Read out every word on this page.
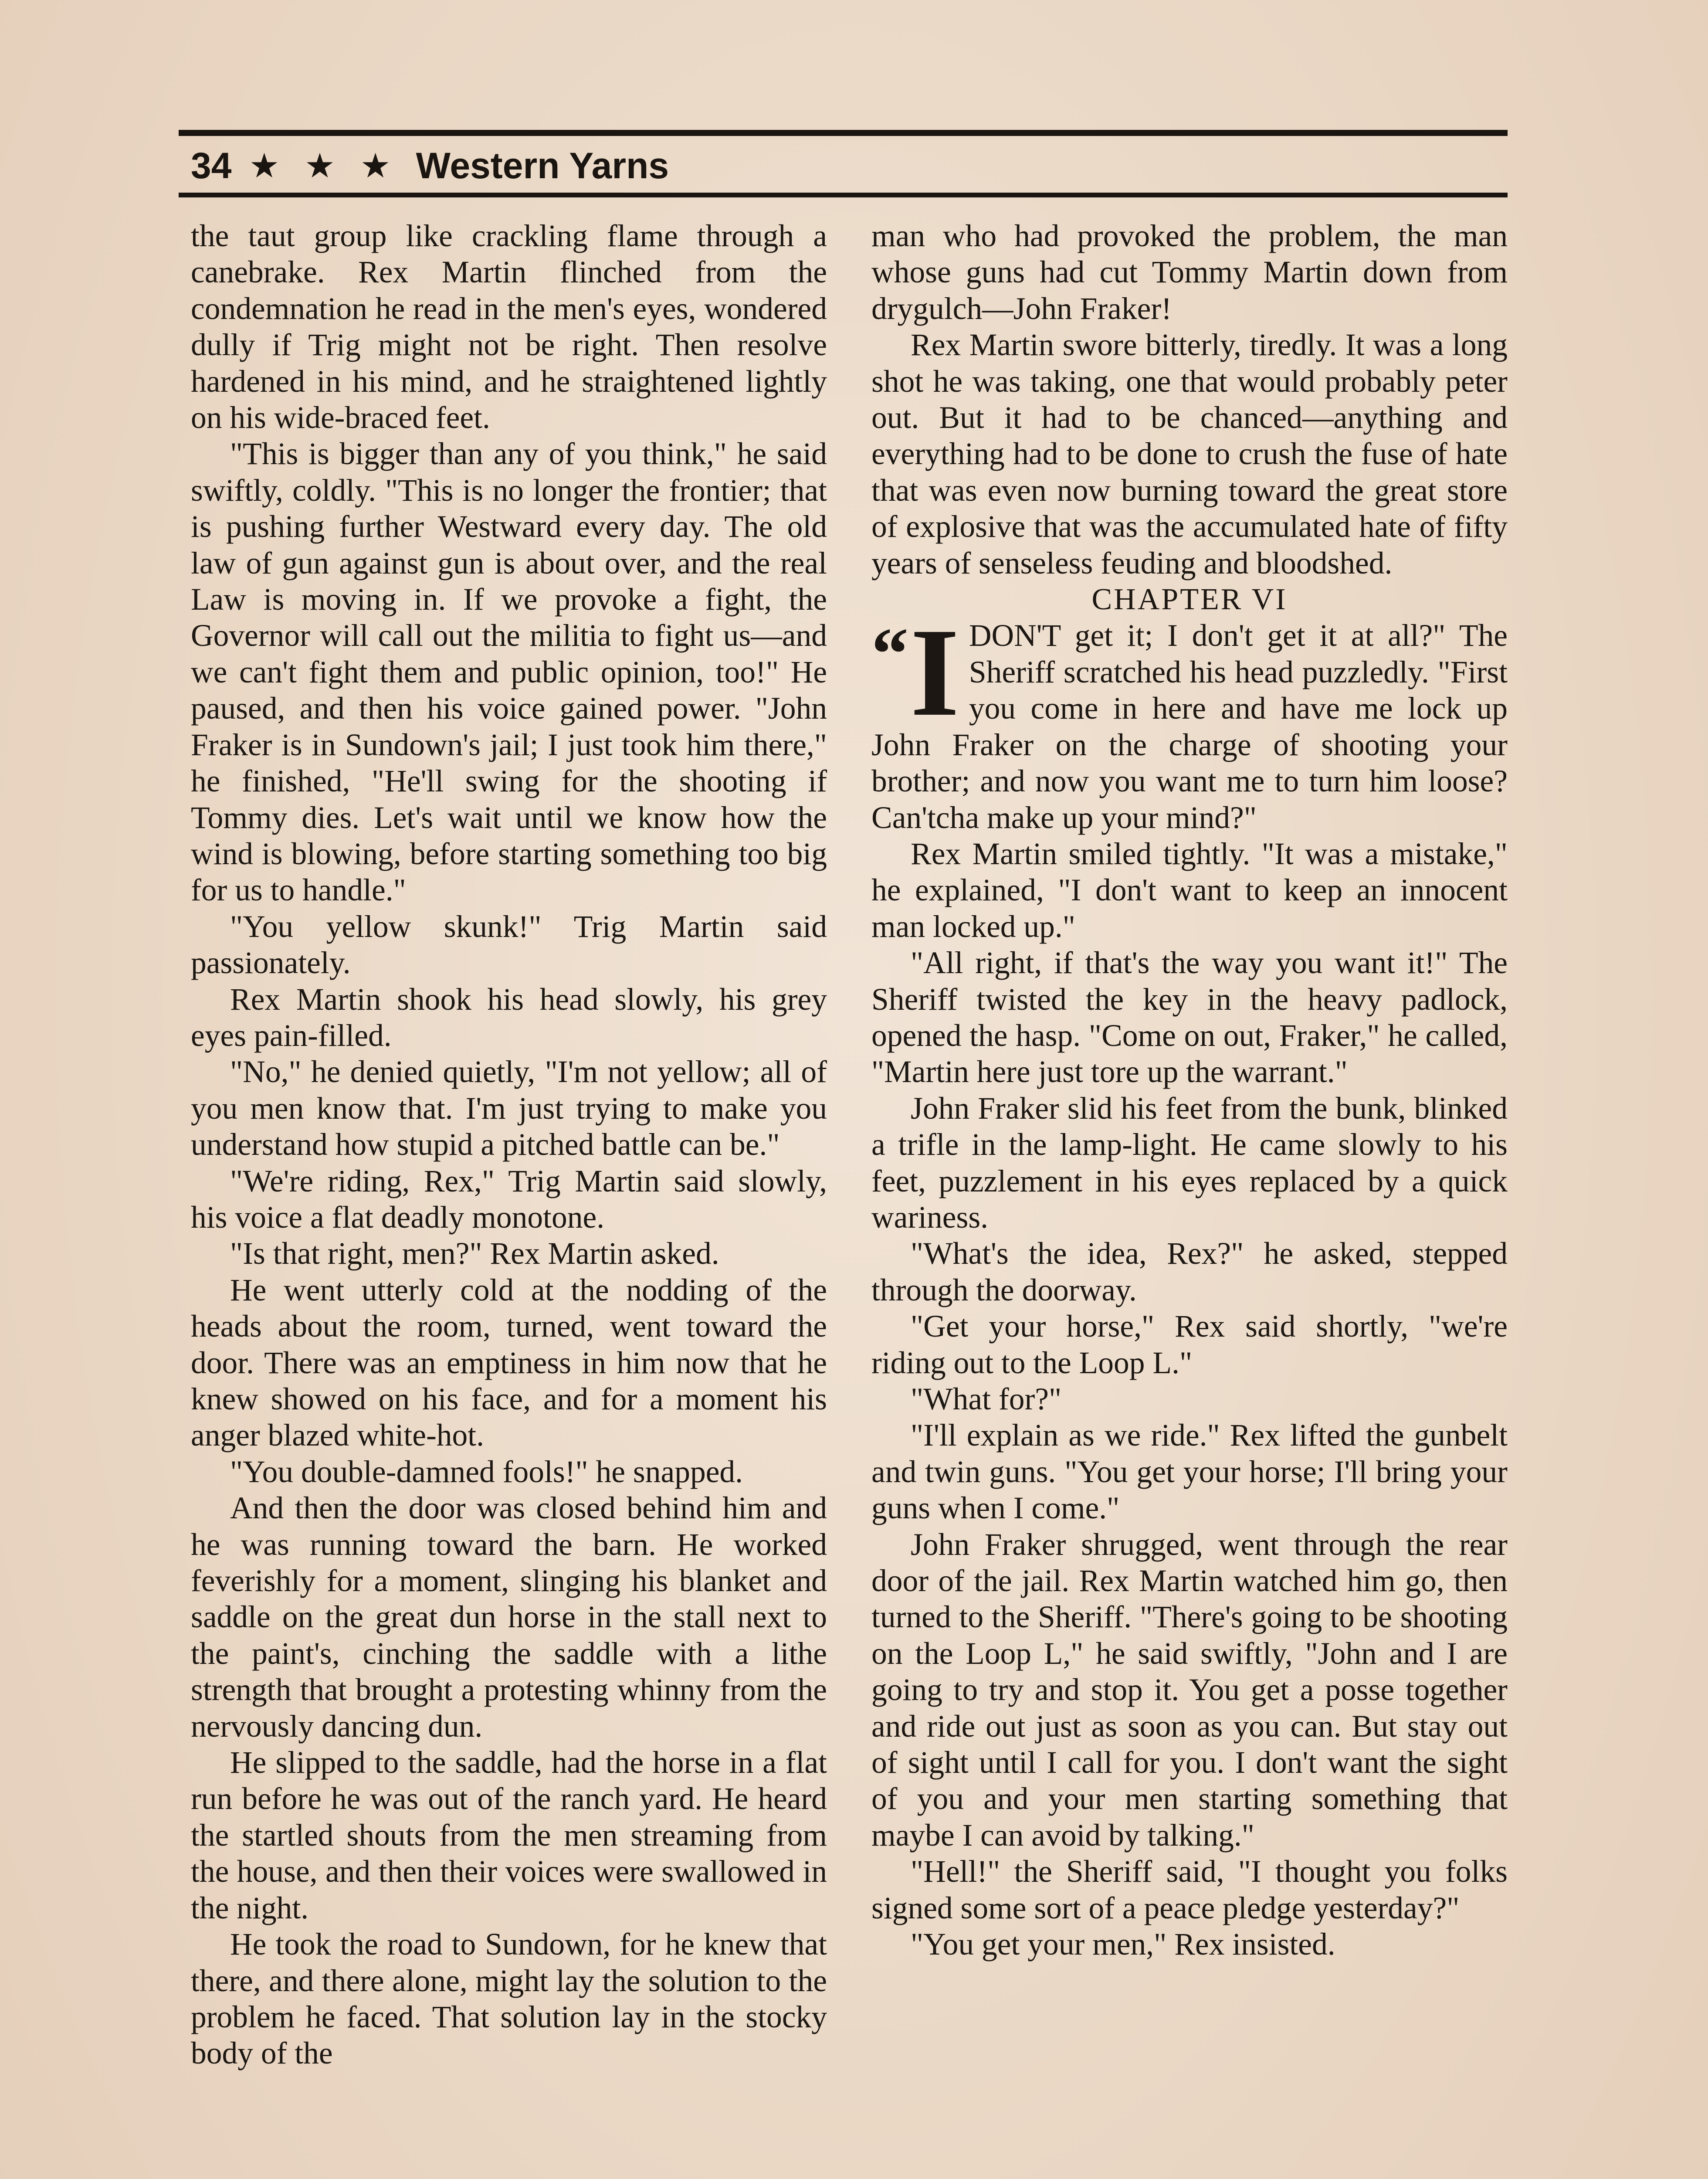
34 ★ ★ ★ Western Yarns

the taut group like crackling flame through a canebrake. Rex Martin flinched from the condemnation he read in the men's eyes, wondered dully if Trig might not be right. Then resolve hardened in his mind, and he straightened lightly on his wide-braced feet.

"This is bigger than any of you think," he said swiftly, coldly. "This is no longer the frontier; that is pushing further Westward every day. The old law of gun against gun is about over, and the real Law is moving in. If we provoke a fight, the Governor will call out the militia to fight us—and we can't fight them and public opinion, too!" He paused, and then his voice gained power. "John Fraker is in Sundown's jail; I just took him there," he finished, "He'll swing for the shooting if Tommy dies. Let's wait until we know how the wind is blowing, before starting something too big for us to handle."

"You yellow skunk!" Trig Martin said passionately.

Rex Martin shook his head slowly, his grey eyes pain-filled.

"No," he denied quietly, "I'm not yellow; all of you men know that. I'm just trying to make you understand how stupid a pitched battle can be."

"We're riding, Rex," Trig Martin said slowly, his voice a flat deadly monotone.

"Is that right, men?" Rex Martin asked.

He went utterly cold at the nodding of the heads about the room, turned, went toward the door. There was an emptiness in him now that he knew showed on his face, and for a moment his anger blazed white-hot.

"You double-damned fools!" he snapped.

And then the door was closed behind him and he was running toward the barn. He worked feverishly for a moment, slinging his blanket and saddle on the great dun horse in the stall next to the paint's, cinching the saddle with a lithe strength that brought a protesting whinny from the nervously dancing dun.

He slipped to the saddle, had the horse in a flat run before he was out of the ranch yard. He heard the startled shouts from the men streaming from the house, and then their voices were swallowed in the night.

He took the road to Sundown, for he knew that there, and there alone, might lay the solution to the problem he faced. That solution lay in the stocky body of the

man who had provoked the problem, the man whose guns had cut Tommy Martin down from drygulch—John Fraker!

Rex Martin swore bitterly, tiredly. It was a long shot he was taking, one that would probably peter out. But it had to be chanced—anything and everything had to be done to crush the fuse of hate that was even now burning toward the great store of explosive that was the accumulated hate of fifty years of senseless feuding and bloodshed.

CHAPTER VI

“ I DON'T get it; I don't get it at all?" The Sheriff scratched his head puzzledly. "First you come in here and have me lock up John Fraker on the charge of shooting your brother; and now you want me to turn him loose? Can'tcha make up your mind?"

Rex Martin smiled tightly. "It was a mistake," he explained, "I don't want to keep an innocent man locked up."

"All right, if that's the way you want it!" The Sheriff twisted the key in the heavy padlock, opened the hasp. "Come on out, Fraker," he called, "Martin here just tore up the warrant."

John Fraker slid his feet from the bunk, blinked a trifle in the lamp-light. He came slowly to his feet, puzzlement in his eyes replaced by a quick wariness.

"What's the idea, Rex?" he asked, stepped through the doorway.

"Get your horse," Rex said shortly, "we're riding out to the Loop L."

"What for?"

"I'll explain as we ride." Rex lifted the gunbelt and twin guns. "You get your horse; I'll bring your guns when I come."

John Fraker shrugged, went through the rear door of the jail. Rex Martin watched him go, then turned to the Sheriff. "There's going to be shooting on the Loop L," he said swiftly, "John and I are going to try and stop it. You get a posse together and ride out just as soon as you can. But stay out of sight until I call for you. I don't want the sight of you and your men starting something that maybe I can avoid by talking."

"Hell!" the Sheriff said, "I thought you folks signed some sort of a peace pledge yesterday?"

"You get your men," Rex insisted.
